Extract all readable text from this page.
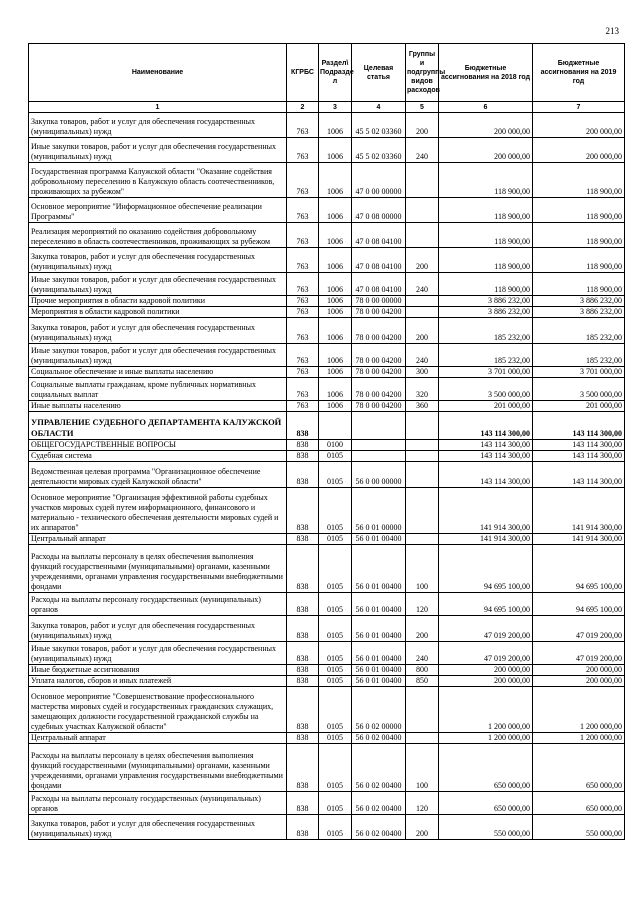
213
Наименование	КГРБС	Раздел\ Подразде л	Целевая статья	Группы и подгруппы видов расходов	Бюджетные ассигнования на 2018 год	Бюджетные ассигнования на 2019 год
1	2	3	4	5	6	7
Закупка товаров, работ и услуг для обеспечения государственных (муниципальных) нужд	763	1006	45 5 02 03360	200	200 000,00	200 000,00
Иные закупки товаров, работ и услуг для обеспечения государственных (муниципальных) нужд	763	1006	45 5 02 03360	240	200 000,00	200 000,00
Государственная программа Калужской области "Оказание содействия добровольному переселению в Калужскую область соотечественников, проживающих за рубежом"	763	1006	47 0 00 00000		118 900,00	118 900,00
Основное мероприятие "Информационное обеспечение реализации Программы"	763	1006	47 0 08 00000		118 900,00	118 900,00
Реализация мероприятий по оказанию содействия добровольному переселению в область соотечественников, проживающих за рубежом	763	1006	47 0 08 04100		118 900,00	118 900,00
Закупка товаров, работ и услуг для обеспечения государственных (муниципальных) нужд	763	1006	47 0 08 04100	200	118 900,00	118 900,00
Иные закупки товаров, работ и услуг для обеспечения государственных (муниципальных) нужд	763	1006	47 0 08 04100	240	118 900,00	118 900,00
Прочие мероприятия в области кадровой политики	763	1006	78 0 00 00000		3 886 232,00	3 886 232,00
Мероприятия в области кадровой политики	763	1006	78 0 00 04200		3 886 232,00	3 886 232,00
Закупка товаров, работ и услуг для обеспечения государственных (муниципальных) нужд	763	1006	78 0 00 04200	200	185 232,00	185 232,00
Иные закупки товаров, работ и услуг для обеспечения государственных (муниципальных) нужд	763	1006	78 0 00 04200	240	185 232,00	185 232,00
Социальное обеспечение и иные выплаты населению	763	1006	78 0 00 04200	300	3 701 000,00	3 701 000,00
Социальные выплаты гражданам, кроме публичных нормативных социальных выплат	763	1006	78 0 00 04200	320	3 500 000,00	3 500 000,00
Иные выплаты населению	763	1006	78 0 00 04200	360	201 000,00	201 000,00
УПРАВЛЕНИЕ СУДЕБНОГО ДЕПАРТАМЕНТА КАЛУЖСКОЙ ОБЛАСТИ	838				143 114 300,00	143 114 300,00
ОБЩЕГОСУДАРСТВЕННЫЕ ВОПРОСЫ	838	0100			143 114 300,00	143 114 300,00
Судебная система	838	0105			143 114 300,00	143 114 300,00
Ведомственная целевая программа "Организационное обеспечение деятельности мировых судей Калужской области"	838	0105	56 0 00 00000		143 114 300,00	143 114 300,00
Основное мероприятие "Организация эффективной работы судебных участков мировых судей путем информационного, финансового и материально - технического обеспечения деятельности мировых судей и их аппаратов"	838	0105	56 0 01 00000		141 914 300,00	141 914 300,00
Центральный аппарат	838	0105	56 0 01 00400		141 914 300,00	141 914 300,00
Расходы на выплаты персоналу в целях обеспечения выполнения функций государственными (муниципальными) органами, казенными учреждениями, органами управления государственными внебюджетными фондами	838	0105	56 0 01 00400	100	94 695 100,00	94 695 100,00
Расходы на выплаты персоналу государственных (муниципальных) органов	838	0105	56 0 01 00400	120	94 695 100,00	94 695 100,00
Закупка товаров, работ и услуг для обеспечения государственных (муниципальных) нужд	838	0105	56 0 01 00400	200	47 019 200,00	47 019 200,00
Иные закупки товаров, работ и услуг для обеспечения государственных (муниципальных) нужд	838	0105	56 0 01 00400	240	47 019 200,00	47 019 200,00
Иные бюджетные ассигнования	838	0105	56 0 01 00400	800	200 000,00	200 000,00
Уплата налогов, сборов и иных платежей	838	0105	56 0 01 00400	850	200 000,00	200 000,00
Основное мероприятие "Совершенствование профессионального мастерства мировых судей и государственных гражданских служащих, замещающих должности государственной гражданской службы на судебных участках Калужской области"	838	0105	56 0 02 00000		1 200 000,00	1 200 000,00
Центральный аппарат	838	0105	56 0 02 00400		1 200 000,00	1 200 000,00
Расходы на выплаты персоналу в целях обеспечения выполнения функций государственными (муниципальными) органами, казенными учреждениями, органами управления государственными внебюджетными фондами	838	0105	56 0 02 00400	100	650 000,00	650 000,00
Расходы на выплаты персоналу государственных (муниципальных) органов	838	0105	56 0 02 00400	120	650 000,00	650 000,00
Закупка товаров, работ и услуг для обеспечения государственных (муниципальных) нужд	838	0105	56 0 02 00400	200	550 000,00	550 000,00
